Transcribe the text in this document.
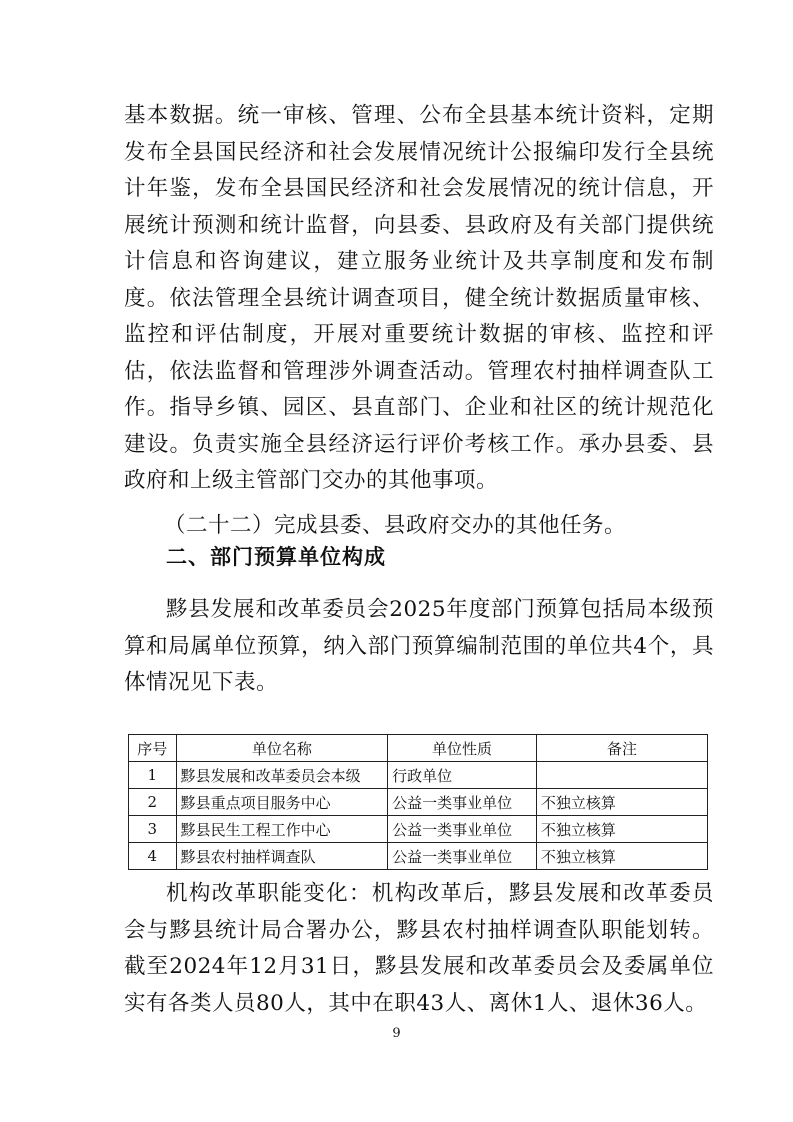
基本数据。统一审核、管理、公布全县基本统计资料，定期发布全县国民经济和社会发展情况统计公报编印发行全县统计年鉴，发布全县国民经济和社会发展情况的统计信息，开展统计预测和统计监督，向县委、县政府及有关部门提供统计信息和咨询建议，建立服务业统计及共享制度和发布制度。依法管理全县统计调查项目，健全统计数据质量审核、监控和评估制度，开展对重要统计数据的审核、监控和评估，依法监督和管理涉外调查活动。管理农村抽样调查队工作。指导乡镇、园区、县直部门、企业和社区的统计规范化建设。负责实施全县经济运行评价考核工作。承办县委、县政府和上级主管部门交办的其他事项。

（二十二）完成县委、县政府交办的其他任务。

二、部门预算单位构成

黟县发展和改革委员会2025年度部门预算包括局本级预算和局属单位预算，纳入部门预算编制范围的单位共4个，具体情况见下表。

序号	单位名称	单位性质	备注
1	黟县发展和改革委员会本级	行政单位	
2	黟县重点项目服务中心	公益一类事业单位	不独立核算
3	黟县民生工程工作中心	公益一类事业单位	不独立核算
4	黟县农村抽样调查队	公益一类事业单位	不独立核算

机构改革职能变化：机构改革后，黟县发展和改革委员会与黟县统计局合署办公，黟县农村抽样调查队职能划转。截至2024年12月31日，黟县发展和改革委员会及委属单位实有各类人员80人，其中在职43人、离休1人、退休36人。

9
